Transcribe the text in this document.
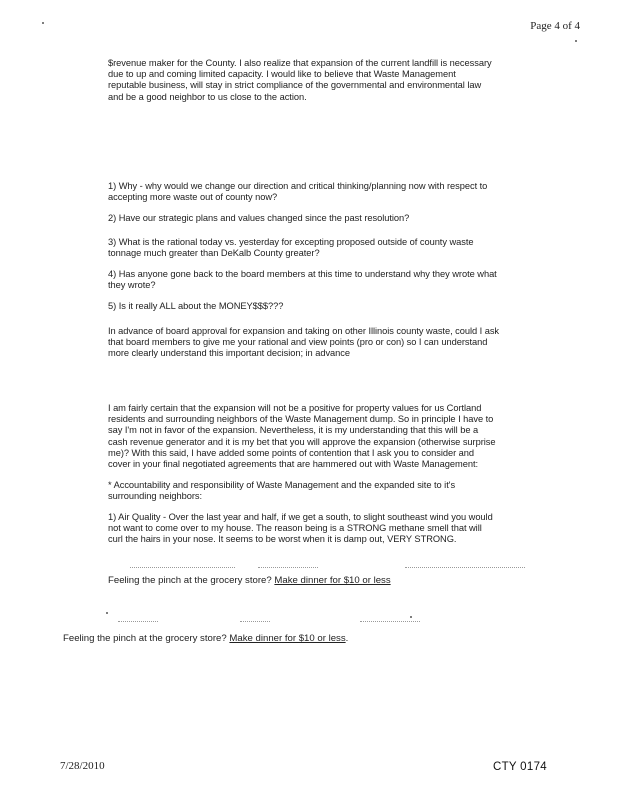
Page 4 of 4
$revenue maker for the County. I also realize that expansion of the current landfill is necessary
due to up and coming limited capacity. I would like to believe that Waste Management
reputable business, will stay in strict compliance of the governmental and environmental law
and be a good neighbor to us close to the action.
1) Why - why would we change our direction and critical thinking/planning now with respect to
accepting more waste out of county now?
2) Have our strategic plans and values changed since the past resolution?
3) What is the rational today vs. yesterday for excepting proposed outside of county waste
tonnage much greater than DeKalb County greater?
4) Has anyone gone back to the board members at this time to understand why they wrote what
they wrote?
5) Is it really ALL about the MONEY$$$???
In advance of board approval for expansion and taking on other Illinois county waste, could I ask
that board members to give me your rational and view points (pro or con) so I can understand
more clearly understand this important decision; in advance
I am fairly certain that the expansion will not be a positive for property values for us Cortland
residents and surrounding neighbors of the Waste Management dump. So in principle I have to
say I'm not in favor of the expansion. Nevertheless, it is my understanding that this will be a
cash revenue generator and it is my bet that you will approve the expansion (otherwise surprise
me)? With this said, I have added some points of contention that I ask you to consider and
cover in your final negotiated agreements that are hammered out with Waste Management:
* Accountability and responsibility of Waste Management and the expanded site to it's
surrounding neighbors:
1) Air Quality - Over the last year and half, if we get a south, to slight southeast wind you would
not want to come over to my house. The reason being is a STRONG methane smell that will
curl the hairs in your nose. It seems to be worst when it is damp out, VERY STRONG.
Feeling the pinch at the grocery store? Make dinner for $10 or less
Feeling the pinch at the grocery store? Make dinner for $10 or less.
7/28/2010	CTY 0174
